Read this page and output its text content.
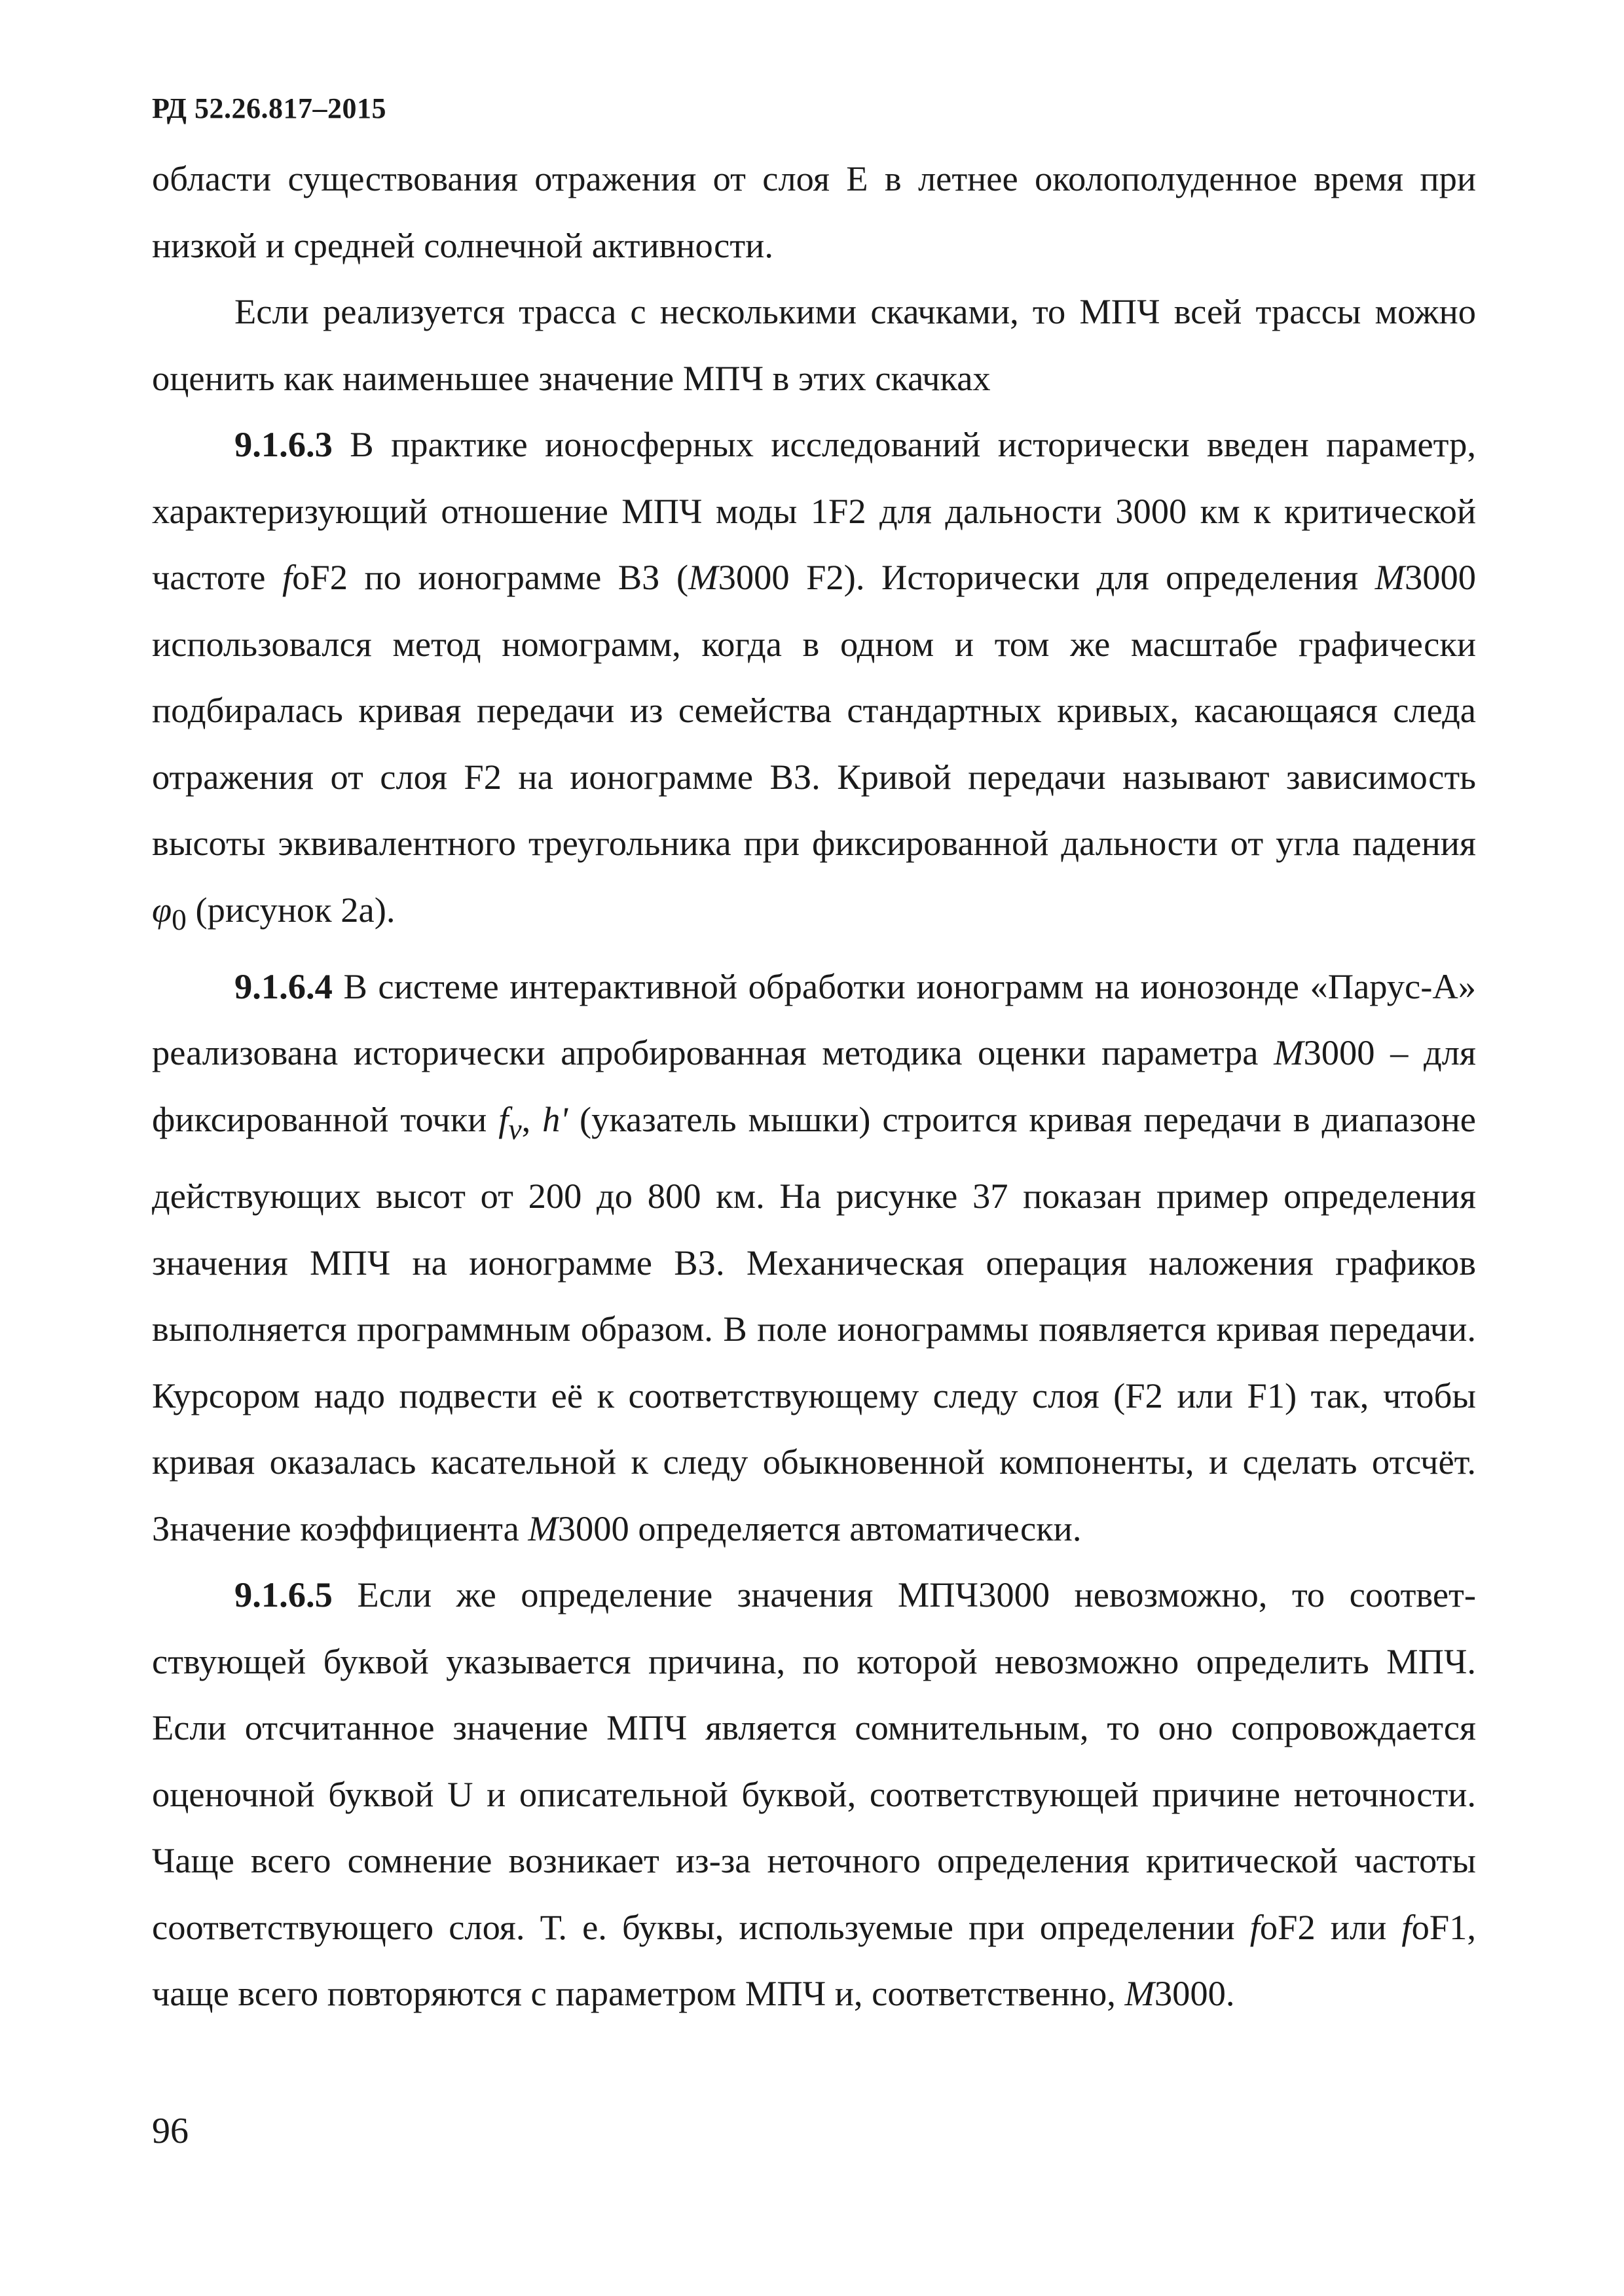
РД 52.26.817–2015

области существования отражения от слоя E в летнее околополуденное время при низкой и средней солнечной активности.

Если реализуется трасса с несколькими скачками, то МПЧ всей трассы можно оценить как наименьшее значение МПЧ в этих скачках

9.1.6.3 В практике ионосферных исследований исторически введен параметр, характеризующий отношение МПЧ моды 1F2 для дальности 3000 км к критической частоте foF2 по ионограмме ВЗ (M3000 F2). Исторически для определения M3000 использовался метод номограмм, когда в одном и том же масштабе графически подбиралась кривая передачи из семейства стандартных кривых, касающаяся следа отражения от слоя F2 на ионограмме ВЗ. Кривой передачи называют зависимость высоты эквивалентного треугольника при фиксированной дальности от угла падения $\varphi_0$ (рисунок 2а).

9.1.6.4 В системе интерактивной обработки ионограмм на ионозонде «Парус-А» реализована исторически апробированная методика оценки параметра M3000 – для фиксированной точки $f_v$, h' (указатель мышки) строится кривая передачи в диапазоне действующих высот от 200 до 800 км. На рисунке 37 показан пример определения значения МПЧ на ионограмме ВЗ. Механическая операция наложения графиков выполняется программным образом. В поле ионограммы появляется кривая передачи. Курсором надо подвести её к соответствующему следу слоя (F2 или F1) так, чтобы кривая оказалась касательной к следу обыкновенной компоненты, и сделать отсчёт. Значение коэффициента M3000 определяется автоматически.

9.1.6.5 Если же определение значения МПЧ3000 невозможно, то соответствующей буквой указывается причина, по которой невозможно определить МПЧ. Если отсчитанное значение МПЧ является сомнительным, то оно сопровождается оценочной буквой U и описательной буквой, соответствующей причине неточности. Чаще всего сомнение возникает из-за неточного определения критической частоты соответствующего слоя. Т. е. буквы, используемые при определении foF2 или foF1, чаще всего повторяются с параметром МПЧ и, соответственно, M3000.

96
